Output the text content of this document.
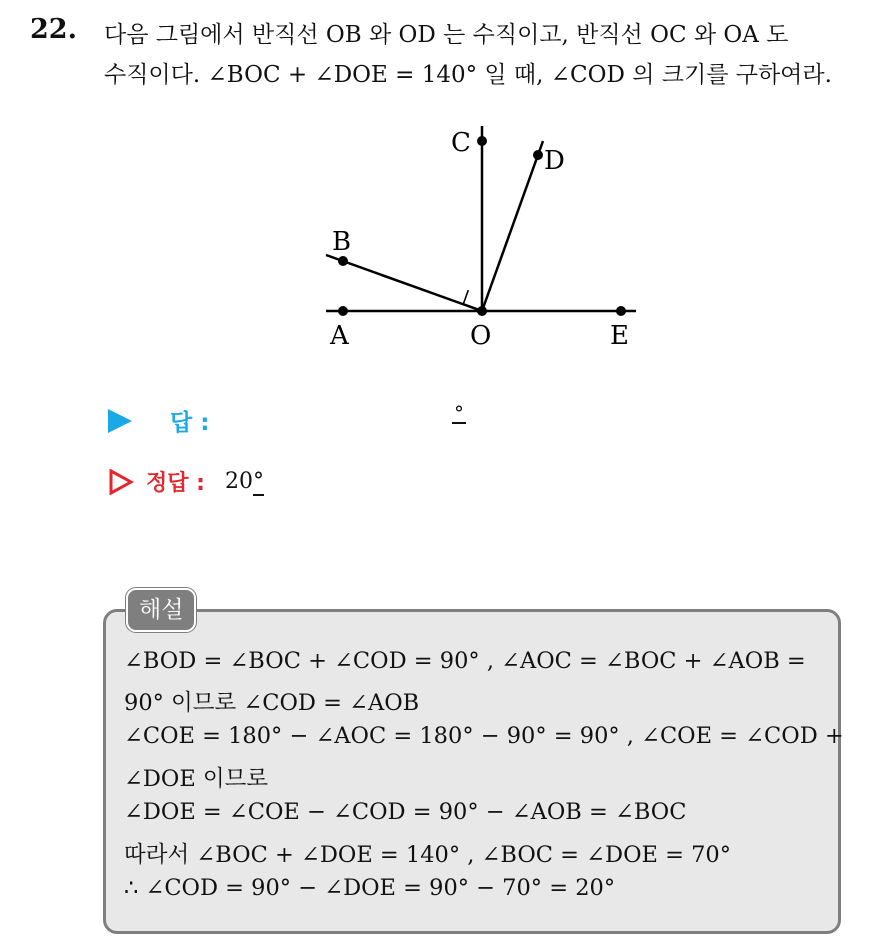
22. 다음 그림에서 반직선 OB 와 OD 는 수직이고, 반직선 OC 와 OA 도
수직이다. ∠BOC + ∠DOE = 140° 일 때, ∠COD 의 크기를 구하여라.
A	O	E
B
C
D
답 :	°
정답 : 20°
해설
∠BOD = ∠BOC + ∠COD = 90° , ∠AOC = ∠BOC + ∠AOB =
90° 이므로 ∠COD = ∠AOB
∠COE = 180° − ∠AOC = 180° − 90° = 90° , ∠COE = ∠COD +
∠DOE 이므로
∠DOE = ∠COE − ∠COD = 90° − ∠AOB = ∠BOC
따라서 ∠BOC + ∠DOE = 140° , ∠BOC = ∠DOE = 70°
∴ ∠COD = 90° − ∠DOE = 90° − 70° = 20°
